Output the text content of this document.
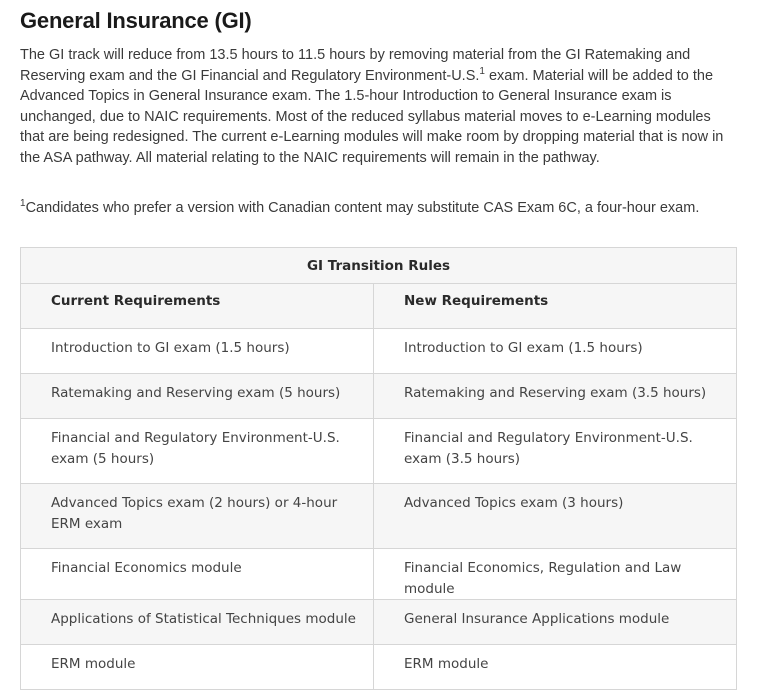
General Insurance (GI)

The GI track will reduce from 13.5 hours to 11.5 hours by removing material from the GI Ratemaking and Reserving exam and the GI Financial and Regulatory Environment-U.S.$^1$ exam. Material will be added to the Advanced Topics in General Insurance exam. The 1.5-hour Introduction to General Insurance exam is unchanged, due to NAIC requirements. Most of the reduced syllabus material moves to e-Learning modules that are being redesigned. The current e-Learning modules will make room by dropping material that is now in the ASA pathway. All material relating to the NAIC requirements will remain in the pathway.

$^1$Candidates who prefer a version with Canadian content may substitute CAS Exam 6C, a four-hour exam.

GI Transition Rules	
Current Requirements	New Requirements
Introduction to GI exam (1.5 hours)	Introduction to GI exam (1.5 hours)
Ratemaking and Reserving exam (5 hours)	Ratemaking and Reserving exam (3.5 hours)
Financial and Regulatory Environment-U.S. exam (5 hours)	Financial and Regulatory Environment-U.S. exam (3.5 hours)
Advanced Topics exam (2 hours) or 4-hour ERM exam	Advanced Topics exam (3 hours)
Financial Economics module	Financial Economics, Regulation and Law module
Applications of Statistical Techniques module	General Insurance Applications module
ERM module	ERM module
